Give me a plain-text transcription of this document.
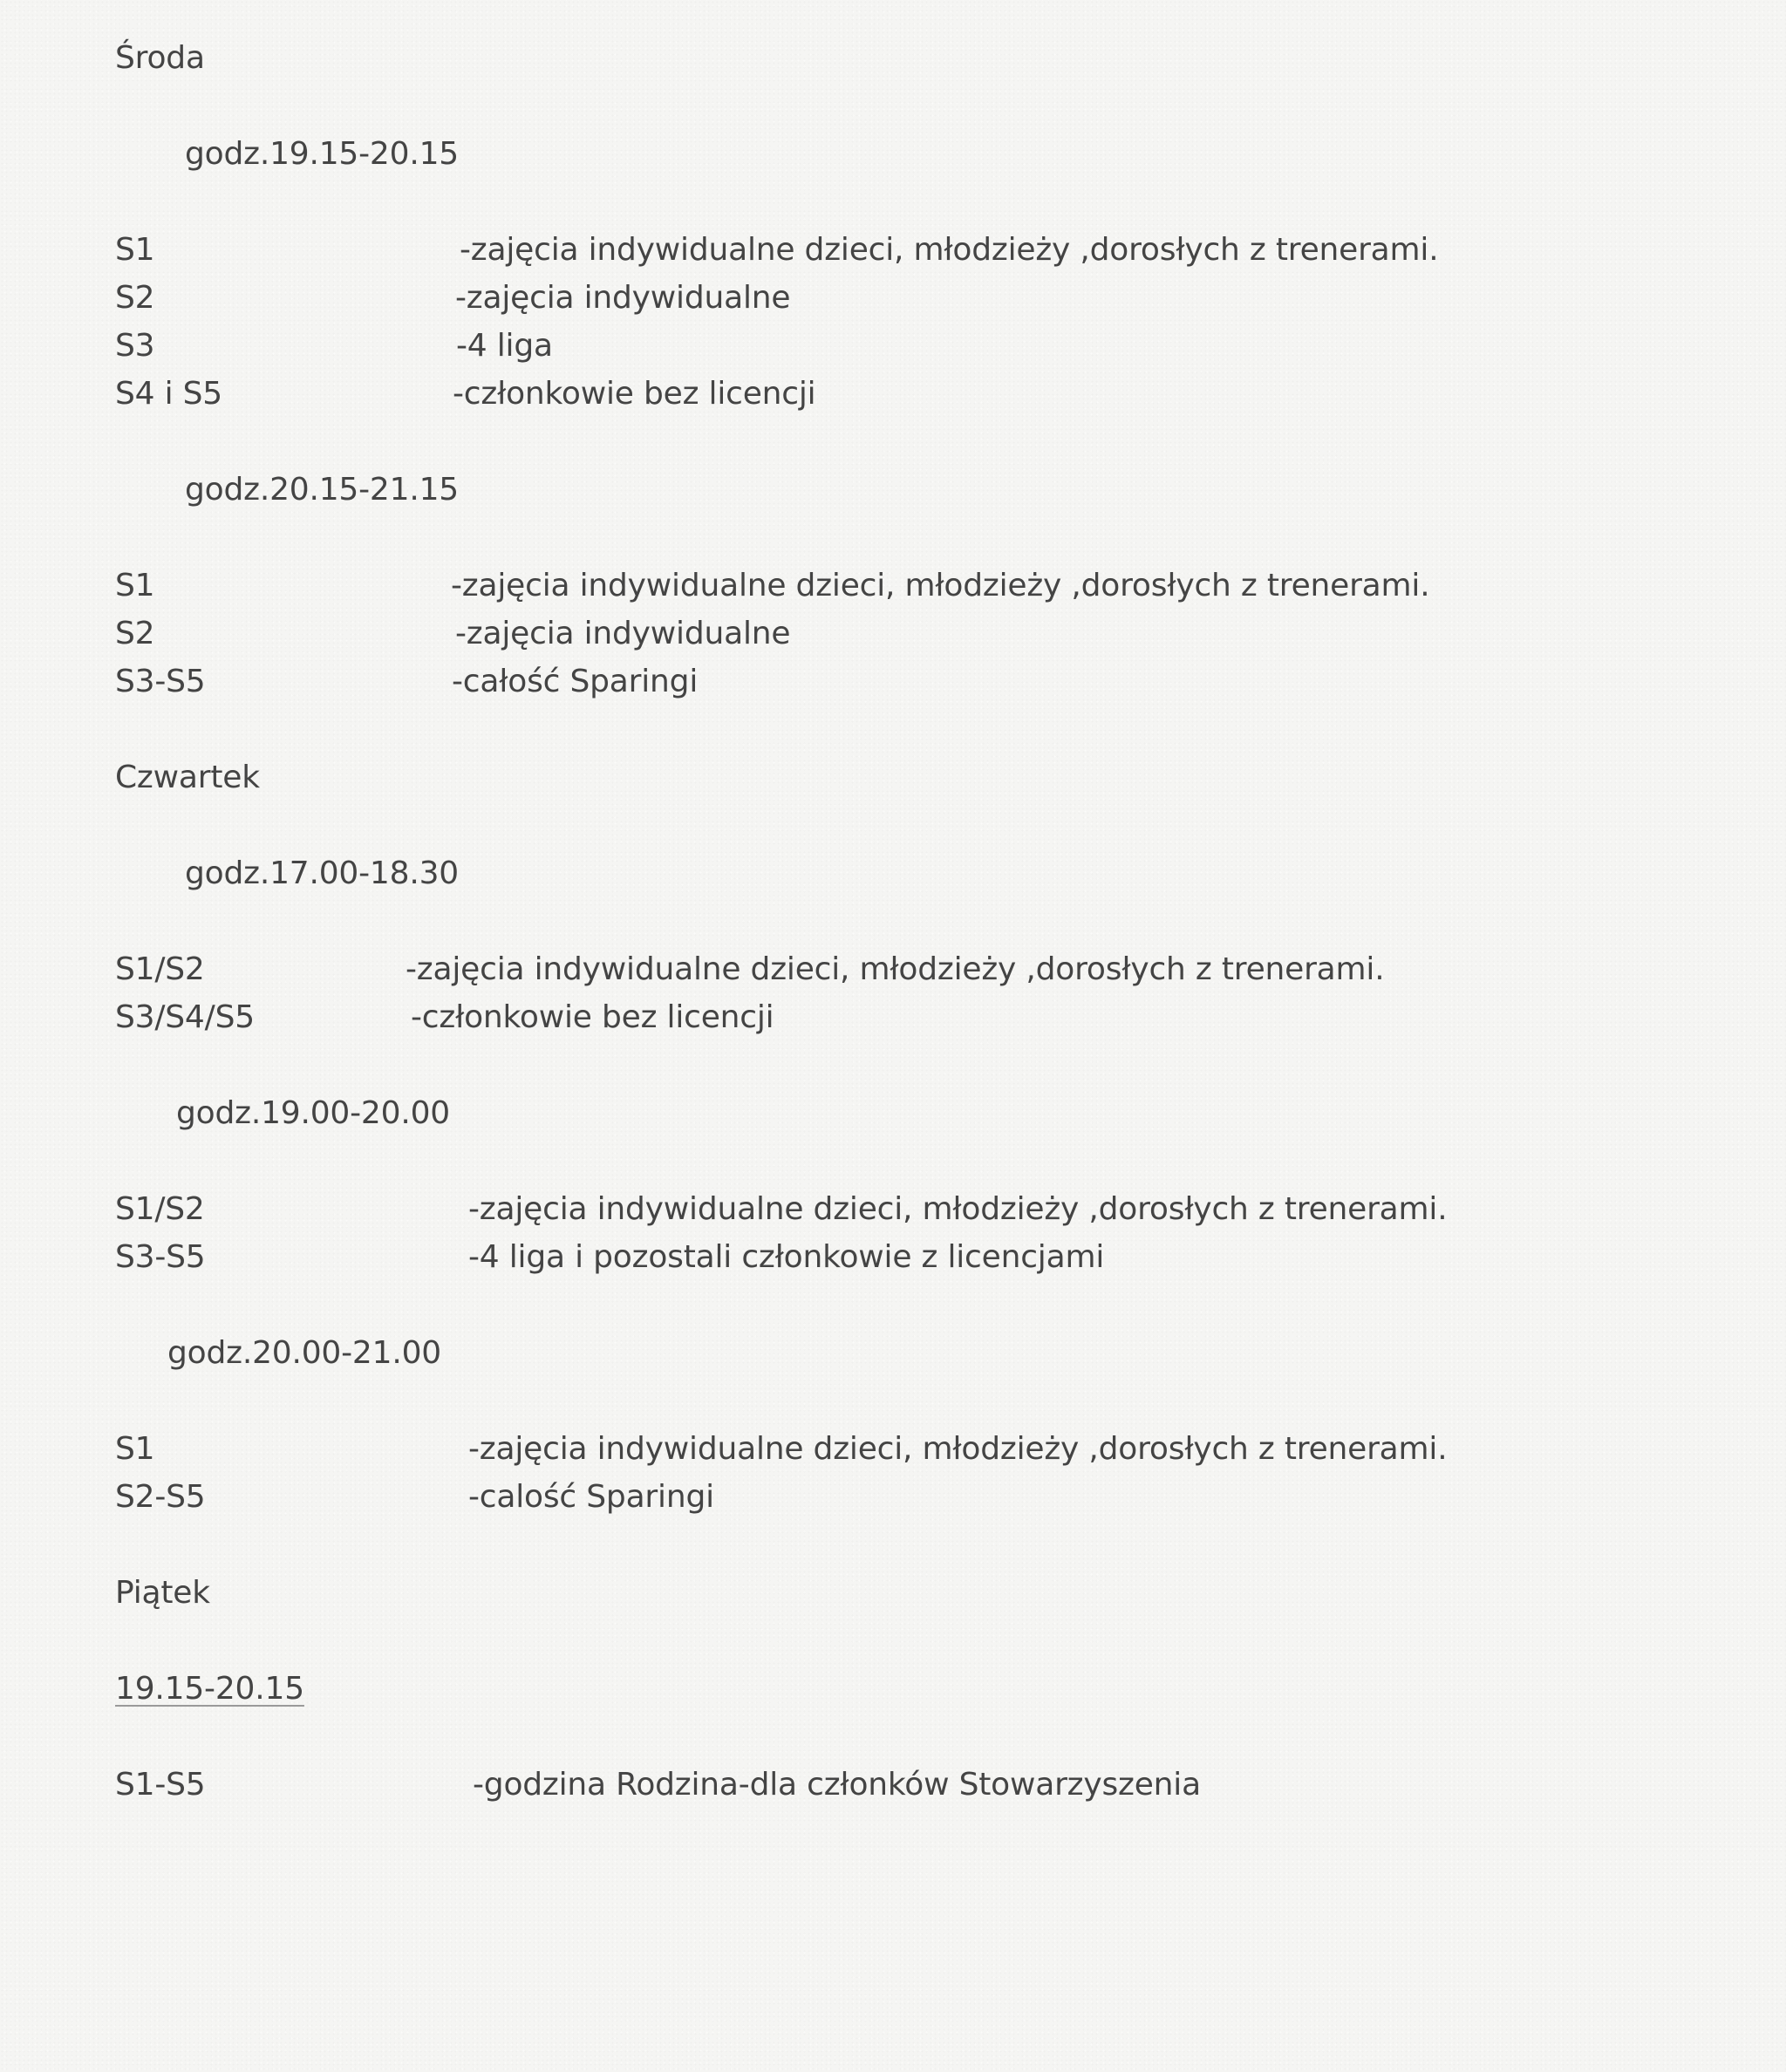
Środa
godz.19.15-20.15
S1	-zajęcia indywidualne dzieci, młodzieży ,dorosłych z trenerami.
S2	-zajęcia indywidualne
S3	-4 liga
S4 i S5	-członkowie bez licencji
godz.20.15-21.15
S1	-zajęcia indywidualne dzieci, młodzieży ,dorosłych z trenerami.
S2	-zajęcia indywidualne
S3-S5	-całość Sparingi
Czwartek
godz.17.00-18.30
S1/S2	-zajęcia indywidualne dzieci, młodzieży ,dorosłych z trenerami.
S3/S4/S5	-członkowie bez licencji
godz.19.00-20.00
S1/S2	-zajęcia indywidualne dzieci, młodzieży ,dorosłych z trenerami.
S3-S5	-4 liga i pozostali członkowie z licencjami
godz.20.00-21.00
S1	-zajęcia indywidualne dzieci, młodzieży ,dorosłych z trenerami.
S2-S5	-calość Sparingi
Piątek
19.15-20.15
S1-S5	-godzina Rodzina-dla członków Stowarzyszenia
